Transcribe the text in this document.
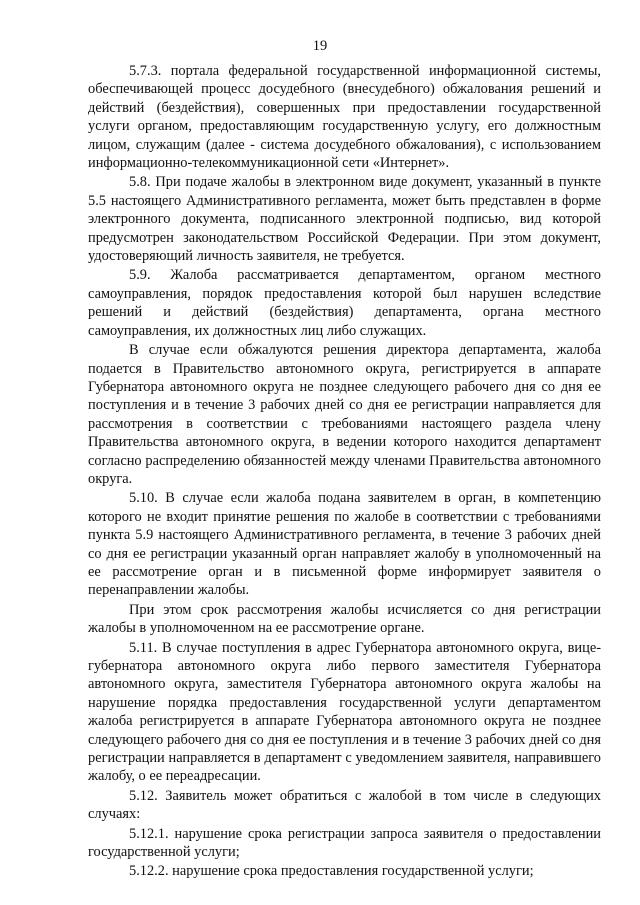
19

5.7.3. портала федеральной государственной информационной системы, обеспечивающей процесс досудебного (внесудебного) обжалования решений и действий (бездействия), совершенных при предоставлении государственной услуги органом, предоставляющим государственную услугу, его должностным лицом, служащим (далее - система досудебного обжалования), с использованием информационно-телекоммуникационной сети «Интернет».

5.8. При подаче жалобы в электронном виде документ, указанный в пункте 5.5 настоящего Административного регламента, может быть представлен в форме электронного документа, подписанного электронной подписью, вид которой предусмотрен законодательством Российской Федерации. При этом документ, удостоверяющий личность заявителя, не требуется.

5.9. Жалоба рассматривается департаментом, органом местного самоуправления, порядок предоставления которой был нарушен вследствие решений и действий (бездействия) департамента, органа местного самоуправления, их должностных лиц либо служащих.

В случае если обжалуются решения директора департамента, жалоба подается в Правительство автономного округа, регистрируется в аппарате Губернатора автономного округа не позднее следующего рабочего дня со дня ее поступления и в течение 3 рабочих дней со дня ее регистрации направляется для рассмотрения в соответствии с требованиями настоящего раздела члену Правительства автономного округа, в ведении которого находится департамент согласно распределению обязанностей между членами Правительства автономного округа.

5.10. В случае если жалоба подана заявителем в орган, в компетенцию которого не входит принятие решения по жалобе в соответствии с требованиями пункта 5.9 настоящего Административного регламента, в течение 3 рабочих дней со дня ее регистрации указанный орган направляет жалобу в уполномоченный на ее рассмотрение орган и в письменной форме информирует заявителя о перенаправлении жалобы.

При этом срок рассмотрения жалобы исчисляется со дня регистрации жалобы в уполномоченном на ее рассмотрение органе.

5.11. В случае поступления в адрес Губернатора автономного округа, вице-губернатора автономного округа либо первого заместителя Губернатора автономного округа, заместителя Губернатора автономного округа жалобы на нарушение порядка предоставления государственной услуги департаментом жалоба регистрируется в аппарате Губернатора автономного округа не позднее следующего рабочего дня со дня ее поступления и в течение 3 рабочих дней со дня регистрации направляется в департамент с уведомлением заявителя, направившего жалобу, о ее переадресации.

5.12. Заявитель может обратиться с жалобой в том числе в следующих случаях:

5.12.1. нарушение срока регистрации запроса заявителя о предоставлении государственной услуги;

5.12.2. нарушение срока предоставления государственной услуги;
